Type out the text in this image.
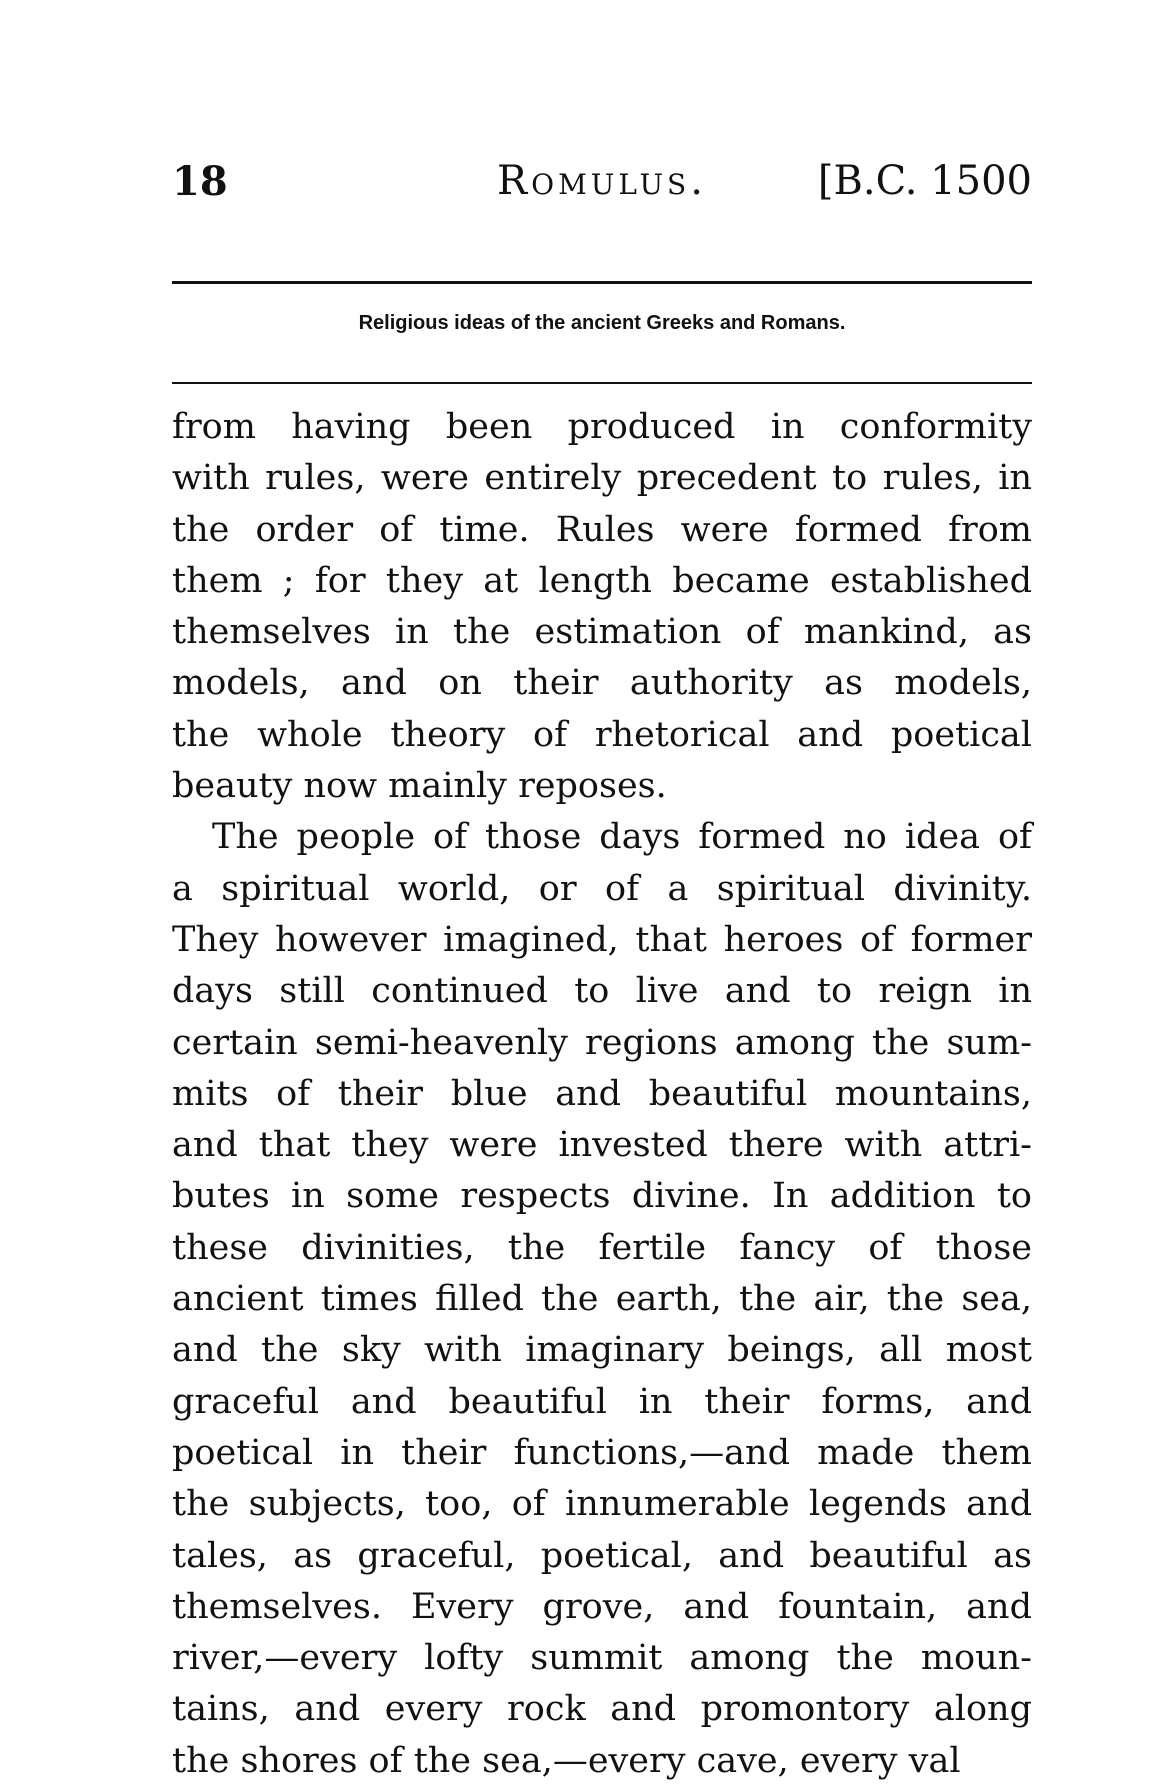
18	Romulus.	[B.C. 1500
Religious ideas of the ancient Greeks and Romans.
from having been produced in conformity
with rules, were entirely precedent to rules, in
the order of time. Rules were formed from
them ; for they at length became established
themselves in the estimation of mankind, as
models, and on their authority as models,
the whole theory of rhetorical and poetical
beauty now mainly reposes.
The people of those days formed no idea of
a spiritual world, or of a spiritual divinity.
They however imagined, that heroes of former
days still continued to live and to reign in
certain semi-heavenly regions among the sum-
mits of their blue and beautiful mountains,
and that they were invested there with attri-
butes in some respects divine. In addition to
these divinities, the fertile fancy of those
ancient times filled the earth, the air, the sea,
and the sky with imaginary beings, all most
graceful and beautiful in their forms, and
poetical in their functions,—and made them
the subjects, too, of innumerable legends and
tales, as graceful, poetical, and beautiful as
themselves. Every grove, and fountain, and
river,—every lofty summit among the moun-
tains, and every rock and promontory along
the shores of the sea,—every cave, every val
